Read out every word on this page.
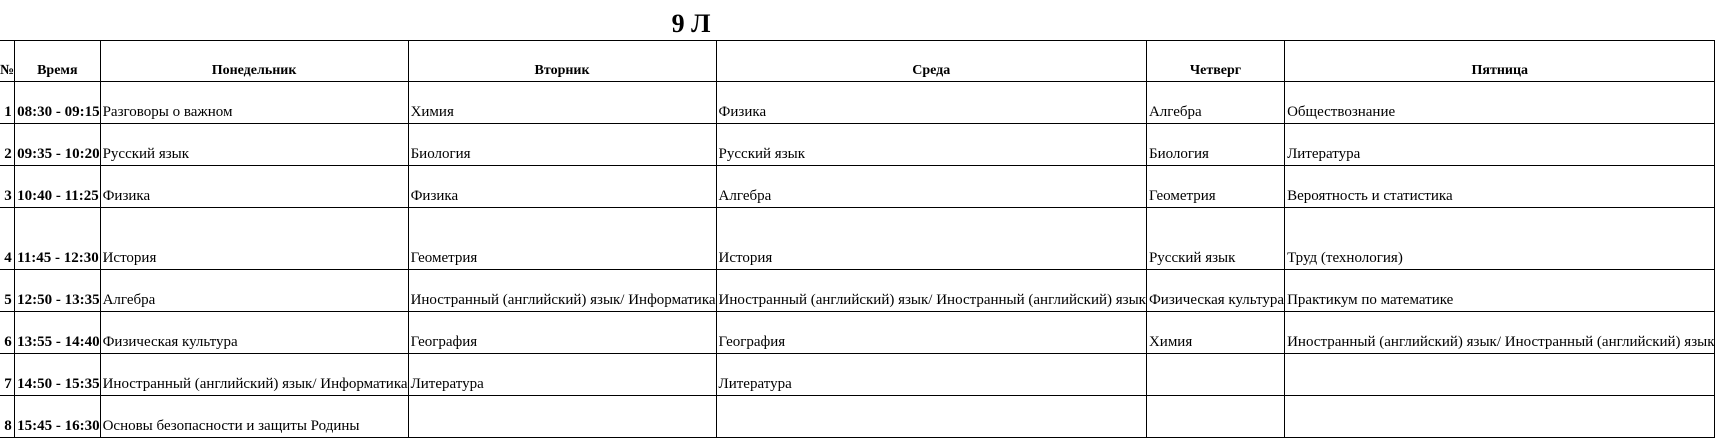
9 Л
№	Время	Понедельник	Вторник	Среда	Четверг	Пятница
1	08:30 - 09:15	Разговоры о важном	Химия	Физика	Алгебра	Обществознание
2	09:35 - 10:20	Русский язык	Биология	Русский язык	Биология	Литература
3	10:40 - 11:25	Физика	Физика	Алгебра	Геометрия	Вероятность и статистика
4	11:45 - 12:30	История	Геометрия	История	Русский язык	Труд (технология)
5	12:50 - 13:35	Алгебра	Иностранный (английский) язык/ Информатика	Иностранный (английский) язык/ Иностранный (английский) язык	Физическая культура	Практикум по математике
6	13:55 - 14:40	Физическая культура	География	География	Химия	Иностранный (английский) язык/ Иностранный (английский) язык
7	14:50 - 15:35	Иностранный (английский) язык/ Информатика	Литература	Литература		
8	15:45 - 16:30	Основы безопасности и защиты Родины				
